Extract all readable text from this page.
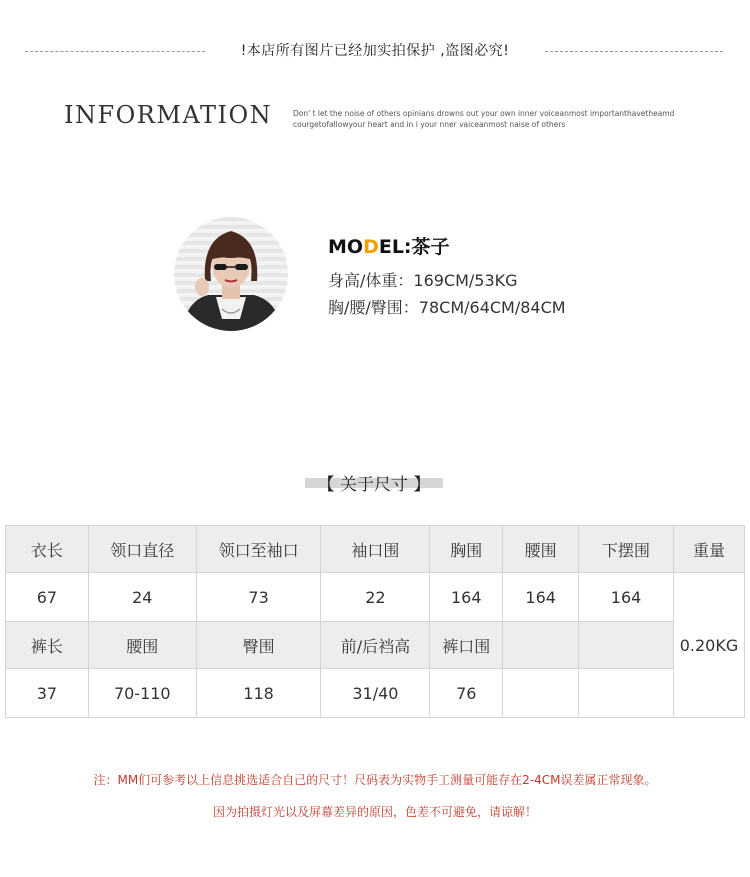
!本店所有图片已经加实拍保护 ,盗图必究!
INFORMATION	Don' t let the noise of others opinians drowns out your own inner voiceanmost importanthavetheamd
courgetofallowyour heart and in i your nner vaiceanmost naise of others
MODEL:茶子
身高/体重：169CM/53KG
胸/腰/臀围：78CM/64CM/84CM
【 关于尺寸 】
衣长	领口直径	领口至袖口	袖口围	胸围	腰围	下摆围	重量
67	24	73	22	164	164	164	0.20KG
裤长	腰围	臀围	前/后裆高	裤口围			
37	70-110	118	31/40	76			
注：MM们可参考以上信息挑选适合自己的尺寸！尺码表为实物手工测量可能存在2-4CM误差属正常现象。
因为拍摄灯光以及屏幕差异的原因，色差不可避免，请谅解！
